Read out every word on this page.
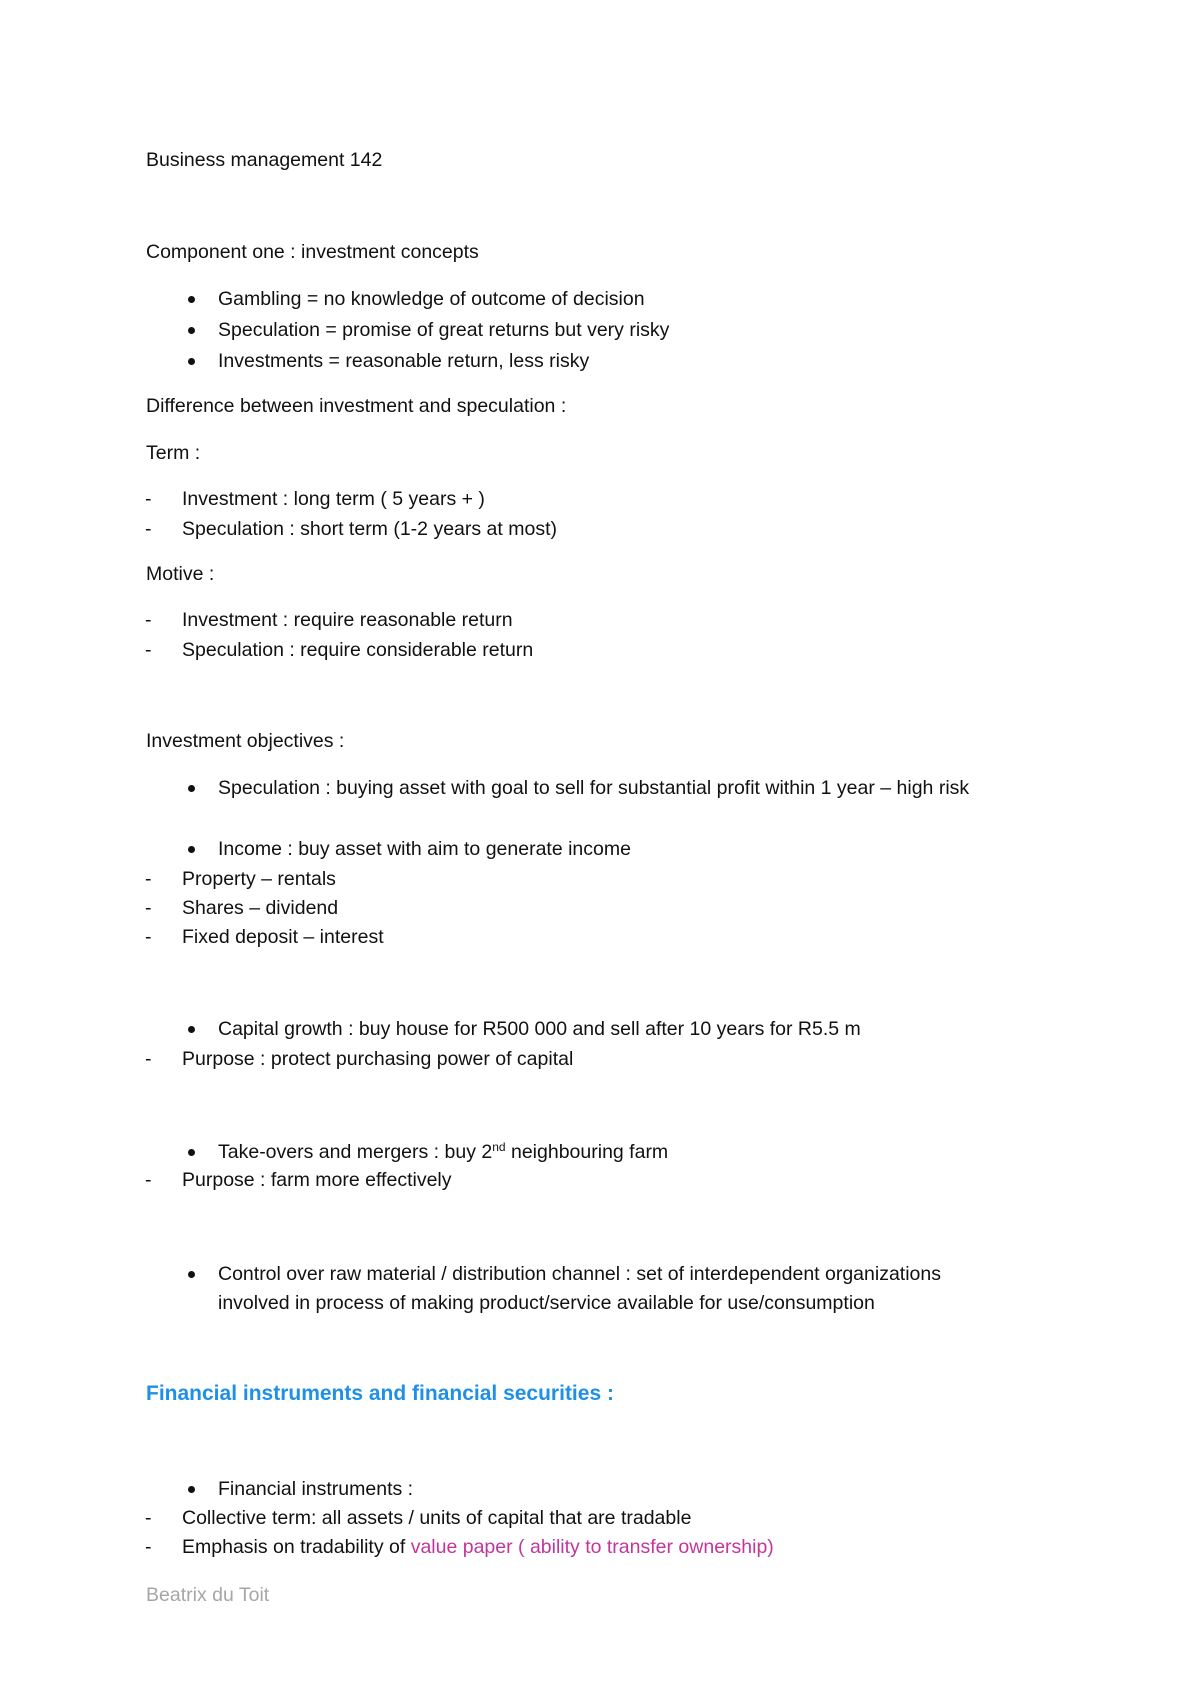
Business management 142
Component one : investment concepts
Gambling = no knowledge of outcome of decision
Speculation = promise of great returns but very risky
Investments = reasonable return, less risky
Difference between investment and speculation :
Term :
- Investment : long term ( 5 years + )
- Speculation : short term (1-2 years at most)
Motive :
- Investment : require reasonable return
- Speculation : require considerable return
Investment objectives :
Speculation : buying asset with goal to sell for substantial profit within 1 year – high risk
Income : buy asset with aim to generate income
- Property – rentals
- Shares – dividend
- Fixed deposit – interest
Capital growth : buy house for R500 000 and sell after 10 years for R5.5 m
- Purpose : protect purchasing power of capital
Take-overs and mergers : buy 2nd neighbouring farm
- Purpose : farm more effectively
Control over raw material / distribution channel : set of interdependent organizations
involved in process of making product/service available for use/consumption
Financial instruments and financial securities :
Financial instruments :
- Collective term: all assets / units of capital that are tradable
- Emphasis on tradability of value paper ( ability to transfer ownership)
Beatrix du Toit
